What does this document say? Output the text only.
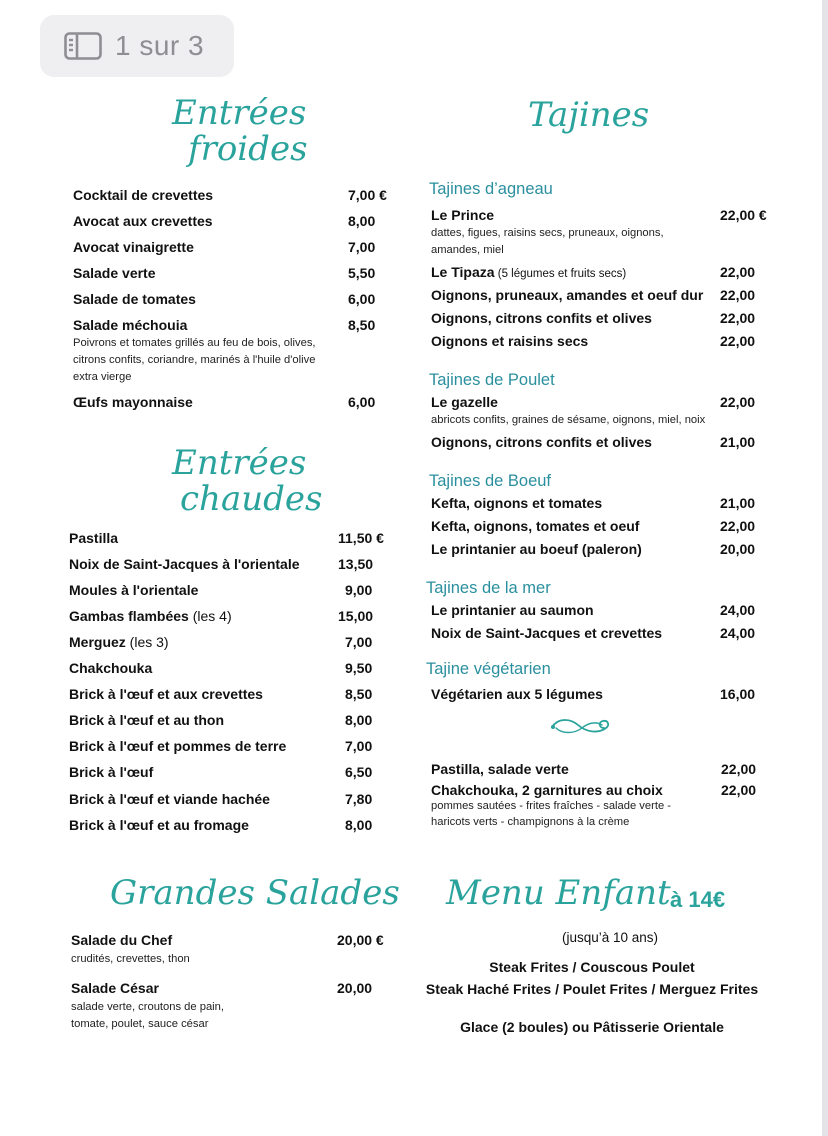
1 sur 3
Entrées
froides
Cocktail de crevettes	7,00 €
Avocat aux crevettes	8,00
Avocat vinaigrette	7,00
Salade verte	5,50
Salade de tomates	6,00
Salade méchouia	8,50
Poivrons et tomates grillés au feu de bois, olives,
citrons confits, coriandre, marinés à l'huile d'olive
extra vierge
Œufs mayonnaise	6,00
Entrées
chaudes
Pastilla	11,50 €
Noix de Saint-Jacques à l'orientale	13,50
Moules à l'orientale	9,00
Gambas flambées (les 4)	15,00
Merguez (les 3)	7,00
Chakchouka	9,50
Brick à l'œuf et aux crevettes	8,50
Brick à l'œuf et au thon	8,00
Brick à l'œuf et pommes de terre	7,00
Brick à l'œuf	6,50
Brick à l'œuf et viande hachée	7,80
Brick à l'œuf et au fromage	8,00
Grandes Salades
Salade du Chef	20,00 €
crudités, crevettes, thon
Salade César	20,00
salade verte, croutons de pain,
tomate, poulet, sauce césar
Tajines
Tajines d’agneau
Le Prince	22,00 €
dattes, figues, raisins secs, pruneaux, oignons,
amandes, miel
Le Tipaza (5 légumes et fruits secs)	22,00
Oignons, pruneaux, amandes et oeuf dur 22,00
Oignons, citrons confits et olives	22,00
Oignons et raisins secs	22,00
Tajines de Poulet
Le gazelle	22,00
abricots confits, graines de sésame, oignons, miel, noix
Oignons, citrons confits et olives	21,00
Tajines de Boeuf
Kefta, oignons et tomates	21,00
Kefta, oignons, tomates et oeuf	22,00
Le printanier au boeuf (paleron)	20,00
Tajines de la mer
Le printanier au saumon	24,00
Noix de Saint-Jacques et crevettes	24,00
Tajine végétarien
Végétarien aux 5 légumes	16,00
Pastilla, salade verte	22,00
Chakchouka, 2 garnitures au choix	22,00
pommes sautées - frites fraîches - salade verte -
haricots verts - champignons à la crème
Menu Enfant à 14€
(jusqu’à 10 ans)
Steak Frites / Couscous Poulet
Steak Haché Frites / Poulet Frites / Merguez Frites
Glace (2 boules) ou Pâtisserie Orientale
